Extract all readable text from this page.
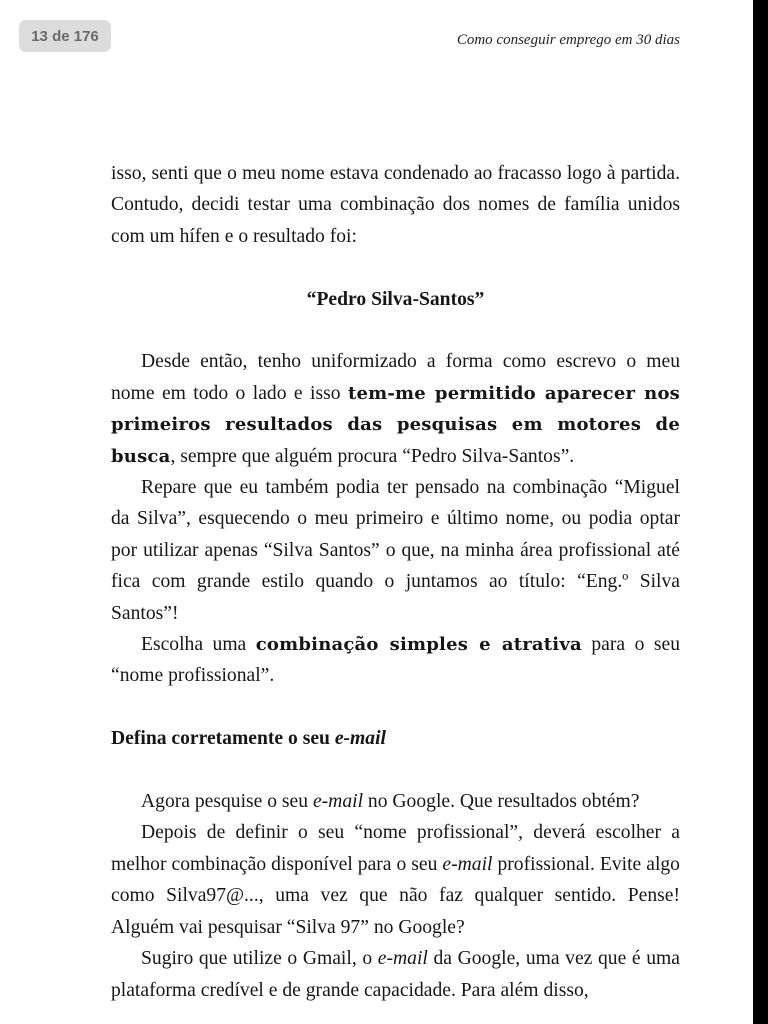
13 de 176	Como conseguir emprego em 30 dias

isso, senti que o meu nome estava condenado ao fracasso logo à partida. Contudo, decidi testar uma combinação dos nomes de família unidos com um hífen e o resultado foi:

“Pedro Silva-Santos”

Desde então, tenho uniformizado a forma como escrevo o meu nome em todo o lado e isso tem-me permitido aparecer nos primeiros resultados das pesquisas em motores de busca, sempre que alguém procura “Pedro Silva-Santos”.

Repare que eu também podia ter pensado na combinação “Miguel da Silva”, esquecendo o meu primeiro e último nome, ou podia optar por utilizar apenas “Silva Santos” o que, na minha área profissional até fica com grande estilo quando o juntamos ao título: “Eng.º Silva Santos”!

Escolha uma combinação simples e atrativa para o seu “nome profissional”.

Defina corretamente o seu e-mail

Agora pesquise o seu e-mail no Google. Que resultados obtém?

Depois de definir o seu “nome profissional”, deverá escolher a melhor combinação disponível para o seu e-mail profissional. Evite algo como Silva97@..., uma vez que não faz qualquer sentido. Pense! Alguém vai pesquisar “Silva 97” no Google?

Sugiro que utilize o Gmail, o e-mail da Google, uma vez que é uma plataforma credível e de grande capacidade. Para além disso,
